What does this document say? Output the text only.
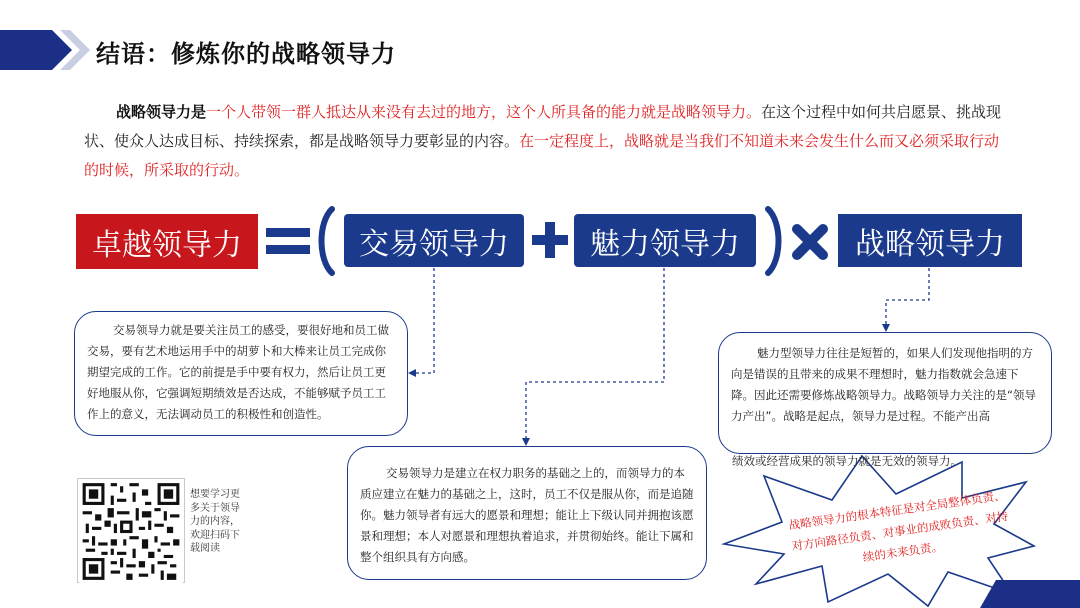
结语：修炼你的战略领导力
战略领导力是一个人带领一群人抵达从来没有去过的地方，这个人所具备的能力就是战略领导力。在这个过程中如何共启愿景、挑战现状、使众人达成目标、持续探索，都是战略领导力要彰显的内容。在一定程度上，战略就是当我们不知道未来会发生什么而又必须采取行动的时候，所采取的行动。
卓越领导力	交易领导力	魅力领导力	战略领导力
交易领导力就是要关注员工的感受，要很好地和员工做交易，要有艺术地运用手中的胡萝卜和大棒来让员工完成你期望完成的工作。它的前提是手中要有权力，然后让员工更好地服从你，它强调短期绩效是否达成，不能够赋予员工工作上的意义，无法调动员工的积极性和创造性。
交易领导力是建立在权力职务的基础之上的，而领导力的本质应建立在魅力的基础之上，这时，员工不仅是服从你，而是追随你。魅力领导者有远大的愿景和理想；能让上下级认同并拥抱该愿景和理想；本人对愿景和理想执着追求，并贯彻始终。能让下属和整个组织具有方向感。
战略领导力的根本特征是对全局整体负责、对方向路径负责、对事业的成败负责、对持续的未来负责。
魅力型领导力往往是短暂的，如果人们发现他指明的方向是错误的且带来的成果不理想时，魅力指数就会急速下降。因此还需要修炼战略领导力。战略领导力关注的是“领导力产出”。战略是起点，领导力是过程。不能产出高
绩效或经营成果的领导力就是无效的领导力。
想要学习更多关于领导力的内容，欢迎扫码下载阅读
